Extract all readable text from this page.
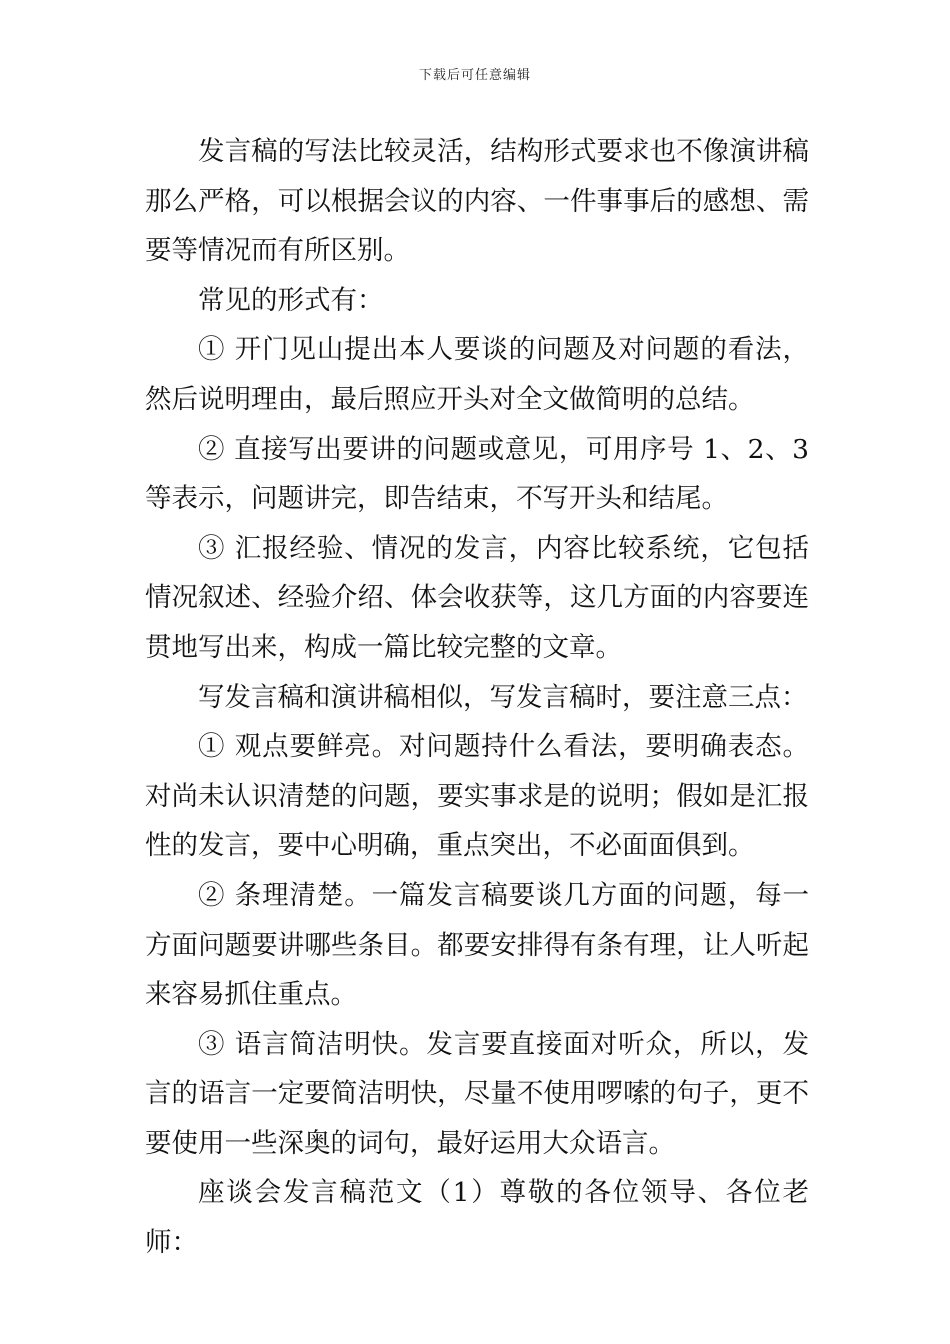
下载后可任意编辑

发言稿的写法比较灵活，结构形式要求也不像演讲稿那么严格，可以根据会议的内容、一件事事后的感想、需要等情况而有所区别。

常见的形式有：

① 开门见山提出本人要谈的问题及对问题的看法，然后说明理由，最后照应开头对全文做简明的总结。

② 直接写出要讲的问题或意见，可用序号 1、2、3 等表示，问题讲完，即告结束，不写开头和结尾。

③ 汇报经验、情况的发言，内容比较系统，它包括情况叙述、经验介绍、体会收获等，这几方面的内容要连贯地写出来，构成一篇比较完整的文章。

写发言稿和演讲稿相似，写发言稿时，要注意三点：

① 观点要鲜亮。对问题持什么看法，要明确表态。对尚未认识清楚的问题，要实事求是的说明；假如是汇报性的发言，要中心明确，重点突出，不必面面俱到。

② 条理清楚。一篇发言稿要谈几方面的问题，每一方面问题要讲哪些条目。都要安排得有条有理，让人听起来容易抓住重点。

③ 语言简洁明快。发言要直接面对听众，所以，发言的语言一定要简洁明快，尽量不使用啰嗦的句子，更不要使用一些深奥的词句，最好运用大众语言。

座谈会发言稿范文（1）尊敬的各位领导、各位老师：
